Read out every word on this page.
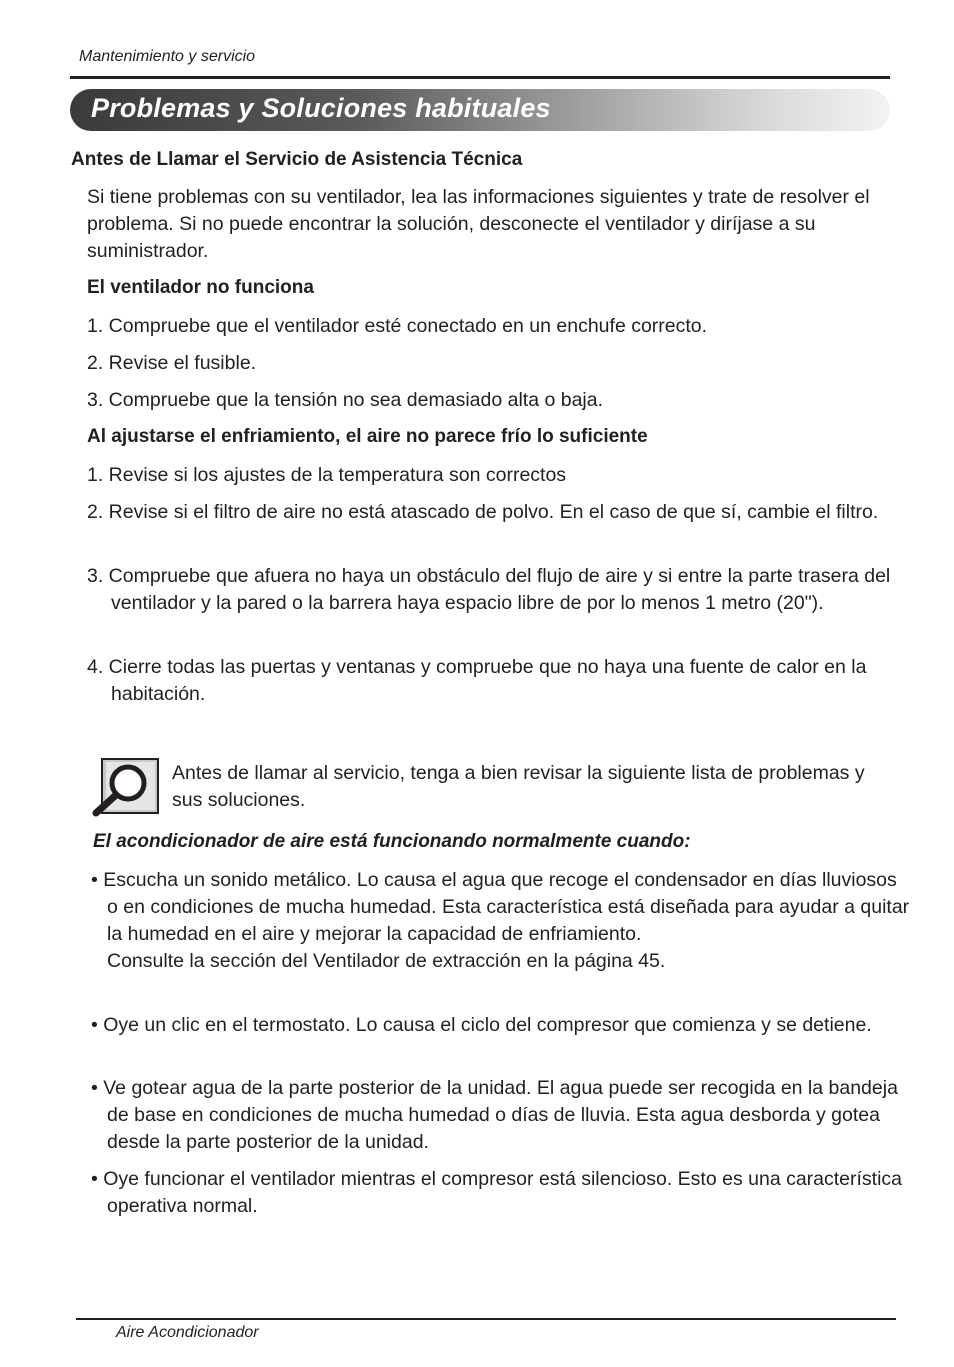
Mantenimiento y servicio
Problemas y Soluciones habituales
Antes de Llamar el Servicio de Asistencia Técnica
Si tiene problemas con su ventilador, lea las informaciones siguientes y trate de resolver el problema. Si no puede encontrar la solución, desconecte el ventilador y diríjase a su suministrador.
El ventilador no funciona
1. Compruebe que el ventilador esté conectado en un enchufe correcto.
2. Revise el fusible.
3. Compruebe que la tensión no sea demasiado alta o baja.
Al ajustarse el enfriamiento, el aire no parece frío lo suficiente
1. Revise si los ajustes de la temperatura son correctos
2. Revise si el filtro de aire no está atascado de polvo. En el caso de que sí, cambie el filtro.
3. Compruebe que afuera no haya un obstáculo del flujo de aire y si entre la parte trasera del ventilador y la pared o la barrera haya espacio libre de por lo menos 1 metro (20").
4. Cierre todas las puertas y ventanas y compruebe que no haya una fuente de calor en la habitación.
Antes de llamar al servicio, tenga a bien revisar la siguiente lista de problemas y sus soluciones.
El acondicionador de aire está funcionando normalmente cuando:
• Escucha un sonido metálico. Lo causa el agua que recoge el condensador en días lluviosos o en condiciones de mucha humedad. Esta característica está diseñada para ayudar a quitar la humedad en el aire y mejorar la capacidad de enfriamiento.
Consulte la sección del Ventilador de extracción en la página 45.
• Oye un clic en el termostato. Lo causa el ciclo del compresor que comienza y se detiene.
• Ve gotear agua de la parte posterior de la unidad. El agua puede ser recogida en la bandeja de base en condiciones de mucha humedad o días de lluvia. Esta agua desborda y gotea desde la parte posterior de la unidad.
• Oye funcionar el ventilador mientras el compresor está silencioso. Esto es una característica operativa normal.
Aire Acondicionador
